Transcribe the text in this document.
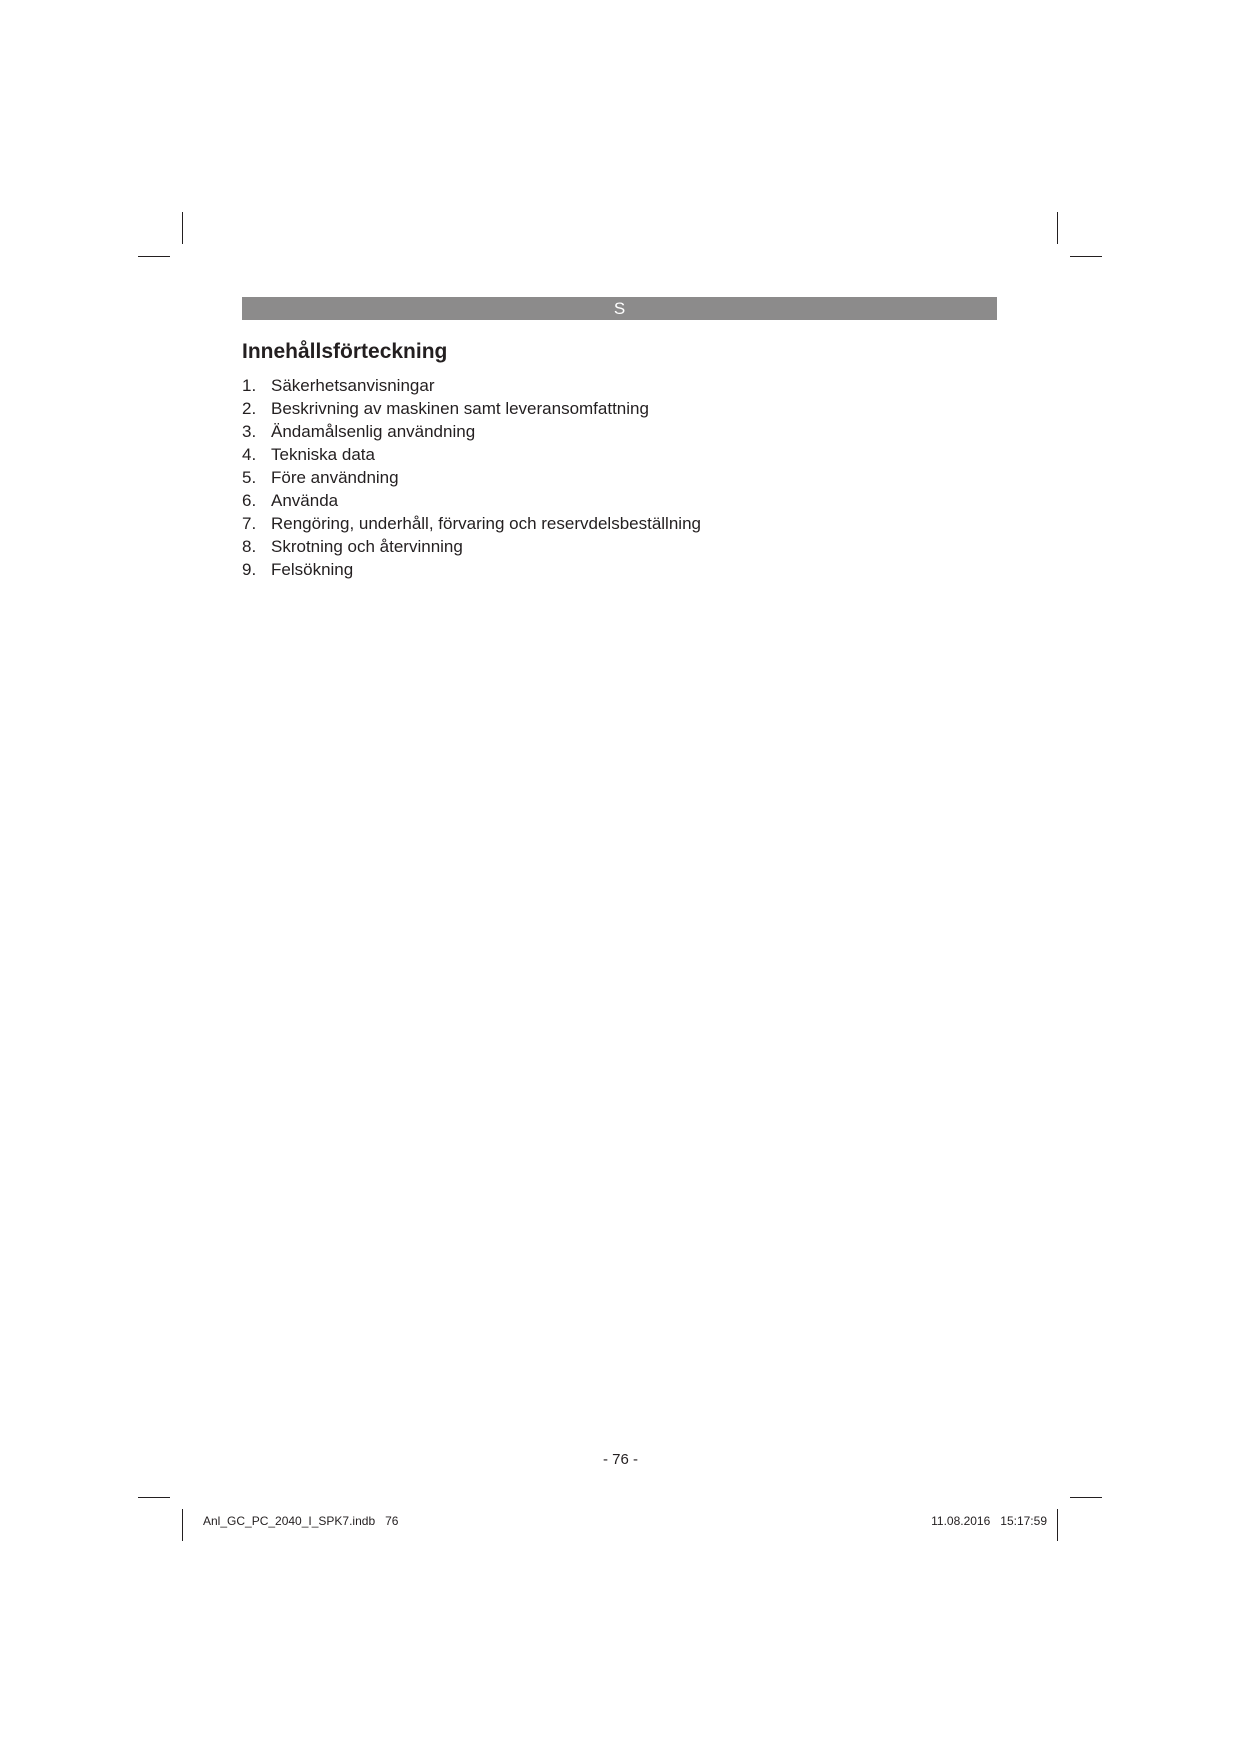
S
Innehållsförteckning
1. Säkerhetsanvisningar
2. Beskrivning av maskinen samt leveransomfattning
3. Ändamålsenlig användning
4. Tekniska data
5. Före användning
6. Använda
7. Rengöring, underhåll, förvaring och reservdelsbeställning
8. Skrotning och återvinning
9. Felsökning
- 76 -
Anl_GC_PC_2040_I_SPK7.indb   76	11.08.2016   15:17:59
